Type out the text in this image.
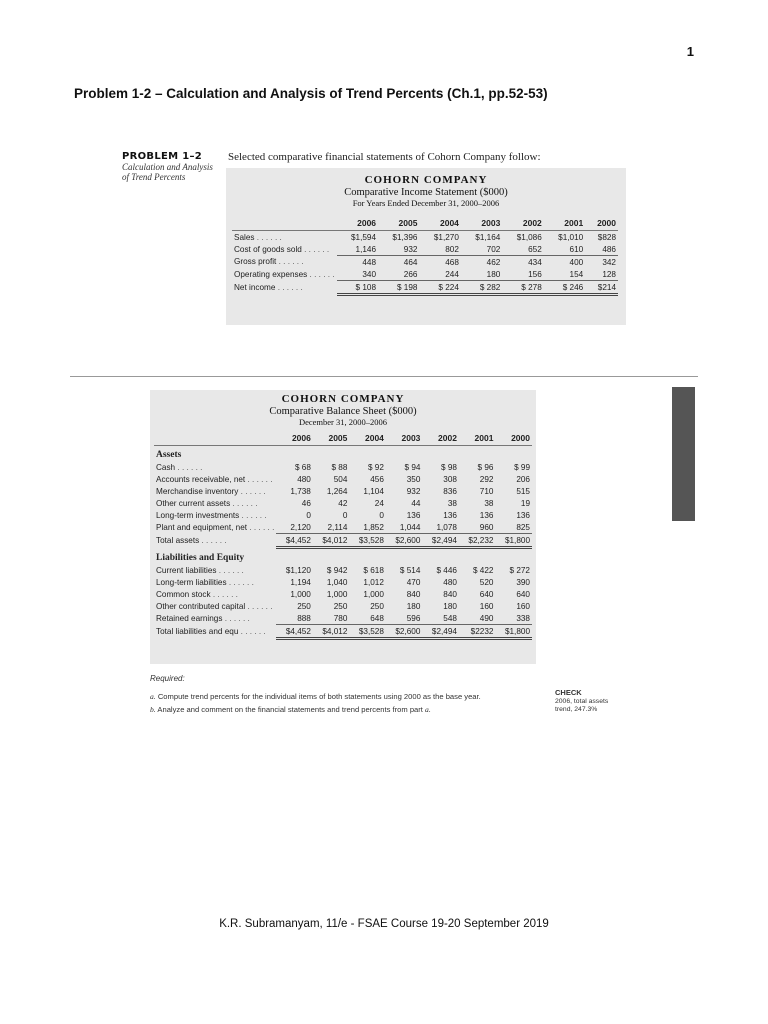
1
Problem 1-2 – Calculation and Analysis of Trend Percents (Ch.1, pp.52-53)
PROBLEM 1–2
Calculation and Analysis
of Trend Percents
Selected comparative financial statements of Cohorn Company follow:
COHORN COMPANY
Comparative Income Statement ($000)
For Years Ended December 31, 2000–2006
	2006	2005	2004	2003	2002	2001	2000
Sales . . . . . .	$1,594	$1,396	$1,270	$1,164	$1,086	$1,010	$828
Cost of goods sold . . . . . .	1,146	932	802	702	652	610	486
Gross profit . . . . . .	448	464	468	462	434	400	342
Operating expenses . . . . . .	340	266	244	180	156	154	128
Net income . . . . . .	$ 108	$ 198	$ 224	$ 282	$ 278	$ 246	$214
COHORN COMPANY
Comparative Balance Sheet ($000)
December 31, 2000–2006
	2006	2005	2004	2003	2002	2001	2000
Assets							
Cash . . . . . .	$ 68	$ 88	$ 92	$ 94	$ 98	$ 96	$ 99
Accounts receivable, net . . . . . .	480	504	456	350	308	292	206
Merchandise inventory . . . . . .	1,738	1,264	1,104	932	836	710	515
Other current assets . . . . . .	46	42	24	44	38	38	19
Long-term investments . . . . . .	0	0	0	136	136	136	136
Plant and equipment, net . . . . . .	2,120	2,114	1,852	1,044	1,078	960	825
Total assets . . . . . .	$4,452	$4,012	$3,528	$2,600	$2,494	$2,232	$1,800
Liabilities and Equity							
Current liabilities . . . . . .	$1,120	$ 942	$ 618	$ 514	$ 446	$ 422	$ 272
Long-term liabilities . . . . . .	1,194	1,040	1,012	470	480	520	390
Common stock . . . . . .	1,000	1,000	1,000	840	840	640	640
Other contributed capital . . . . . .	250	250	250	180	180	160	160
Retained earnings . . . . . .	888	780	648	596	548	490	338
Total liabilities and equ . . . . . .	$4,452	$4,012	$3,528	$2,600	$2,494	$2232	$1,800
Required:
a. Compute trend percents for the individual items of both statements using 2000 as the base year.
b. Analyze and comment on the financial statements and trend percents from part a.
CHECK
2006, total assets
trend, 247.3%
K.R. Subramanyam, 11/e - FSAE Course 19-20 September 2019
